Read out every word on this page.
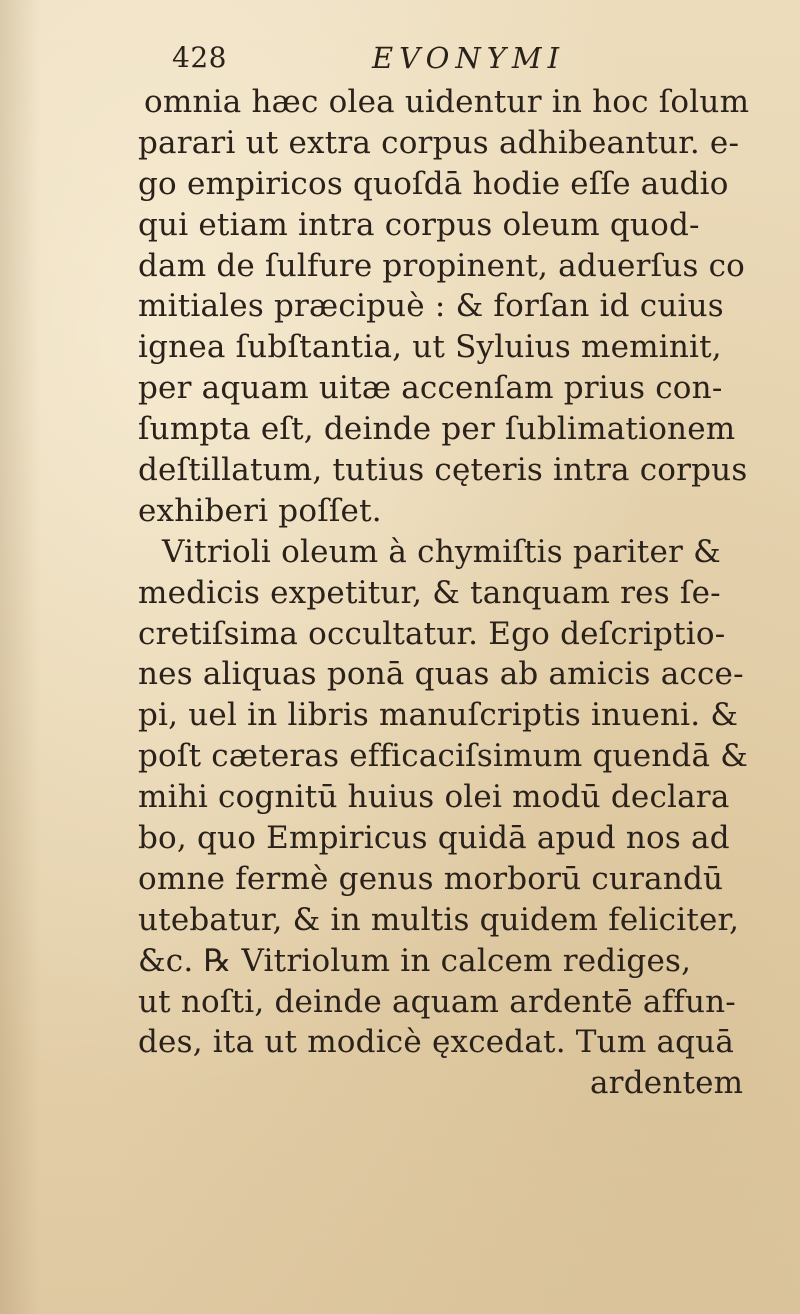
428	EVONYMI
omnia hæc olea uidentur in hoc ſolum
parari ut extra corpus adhibeantur. e-
go empiricos quoſdā hodie eſſe audio
qui etiam intra corpus oleum quod-
dam de ſulfure propinent, aduerſus co
mitiales præcipuè : & forſan id cuius
ignea ſubſtantia, ut Syluius meminit,
per aquam uitæ accenſam prius con-
ſumpta eſt, deinde per ſublimationem
deſtillatum, tutius cęteris intra corpus
exhiberi poſſet.
Vitrioli oleum à chymiſtis pariter &
medicis expetitur, & tanquam res ſe-
cretiſsima occultatur. Ego deſcriptio-
nes aliquas ponā quas ab amicis acce-
pi, uel in libris manuſcriptis inueni. &
poſt cæteras efficaciſsimum quendā &
mihi cognitū huius olei modū declara
bo, quo Empiricus quidā apud nos ad
omne fermè genus morborū curandū
utebatur, & in multis quidem feliciter,
&c. ℞ Vitriolum in calcem rediges,
ut noſti, deinde aquam ardentē affun-
des, ita ut modicè ęxcedat. Tum aquā
ardentem
